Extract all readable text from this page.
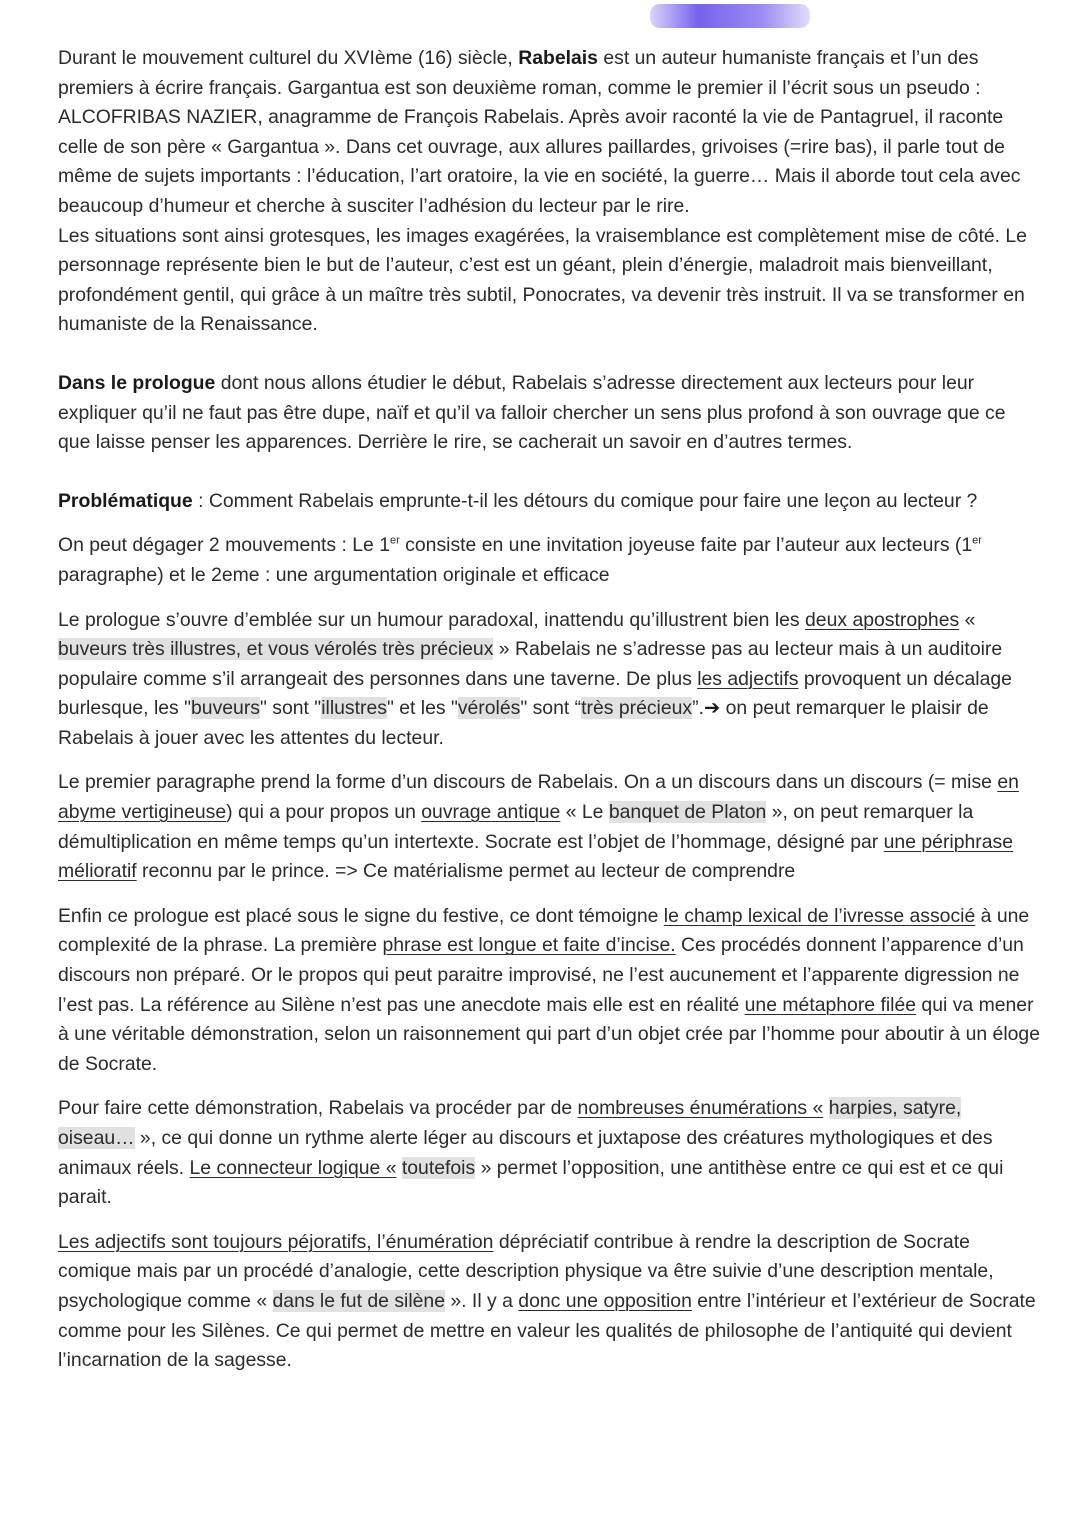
Durant le mouvement culturel du XVIème (16) siècle, Rabelais est un auteur humaniste français et l’un des premiers à écrire français. Gargantua est son deuxième roman, comme le premier il l’écrit sous un pseudo : ALCOFRIBAS NAZIER, anagramme de François Rabelais. Après avoir raconté la vie de Pantagruel, il raconte celle de son père « Gargantua ». Dans cet ouvrage, aux allures paillardes, grivoises (=rire bas), il parle tout de même de sujets importants : l’éducation, l’art oratoire, la vie en société, la guerre… Mais il aborde tout cela avec beaucoup d’humeur et cherche à susciter l’adhésion du lecteur par le rire.

Les situations sont ainsi grotesques, les images exagérées, la vraisemblance est complètement mise de côté. Le personnage représente bien le but de l’auteur, c’est est un géant, plein d’énergie, maladroit mais bienveillant, profondément gentil, qui grâce à un maître très subtil, Ponocrates, va devenir très instruit. Il va se transformer en humaniste de la Renaissance.

Dans le prologue dont nous allons étudier le début, Rabelais s’adresse directement aux lecteurs pour leur expliquer qu’il ne faut pas être dupe, naïf et qu’il va falloir chercher un sens plus profond à son ouvrage que ce que laisse penser les apparences. Derrière le rire, se cacherait un savoir en d’autres termes.

Problématique : Comment Rabelais emprunte-t-il les détours du comique pour faire une leçon au lecteur ?

On peut dégager 2 mouvements : Le 1er consiste en une invitation joyeuse faite par l’auteur aux lecteurs (1er paragraphe) et le 2eme : une argumentation originale et efficace

Le prologue s’ouvre d’emblée sur un humour paradoxal, inattendu qu’illustrent bien les deux apostrophes « buveurs très illustres, et vous vérolés très précieux » Rabelais ne s’adresse pas au lecteur mais à un auditoire populaire comme s’il arrangeait des personnes dans une taverne. De plus les adjectifs provoquent un décalage burlesque, les "buveurs" sont "illustres" et les "vérolés" sont “très précieux”.➔ on peut remarquer le plaisir de Rabelais à jouer avec les attentes du lecteur.

Le premier paragraphe prend la forme d’un discours de Rabelais. On a un discours dans un discours (= mise en abyme vertigineuse) qui a pour propos un ouvrage antique « Le banquet de Platon », on peut remarquer la démultiplication en même temps qu’un intertexte. Socrate est l’objet de l’hommage, désigné par une périphrase mélioratif reconnu par le prince. => Ce matérialisme permet au lecteur de comprendre

Enfin ce prologue est placé sous le signe du festive, ce dont témoigne le champ lexical de l’ivresse associé à une complexité de la phrase. La première phrase est longue et faite d’incise. Ces procédés donnent l’apparence d’un discours non préparé. Or le propos qui peut paraitre improvisé, ne l’est aucunement et l’apparente digression ne l’est pas. La référence au Silène n’est pas une anecdote mais elle est en réalité une métaphore filée qui va mener à une véritable démonstration, selon un raisonnement qui part d’un objet crée par l’homme pour aboutir à un éloge de Socrate.

Pour faire cette démonstration, Rabelais va procéder par de nombreuses énumérations « harpies, satyre, oiseau… », ce qui donne un rythme alerte léger au discours et juxtapose des créatures mythologiques et des animaux réels. Le connecteur logique « toutefois » permet l’opposition, une antithèse entre ce qui est et ce qui parait.

Les adjectifs sont toujours péjoratifs, l’énumération dépréciatif contribue à rendre la description de Socrate comique mais par un procédé d’analogie, cette description physique va être suivie d’une description mentale, psychologique comme « dans le fut de silène ». Il y a donc une opposition entre l’intérieur et l’extérieur de Socrate comme pour les Silènes. Ce qui permet de mettre en valeur les qualités de philosophe de l’antiquité qui devient l’incarnation de la sagesse.
